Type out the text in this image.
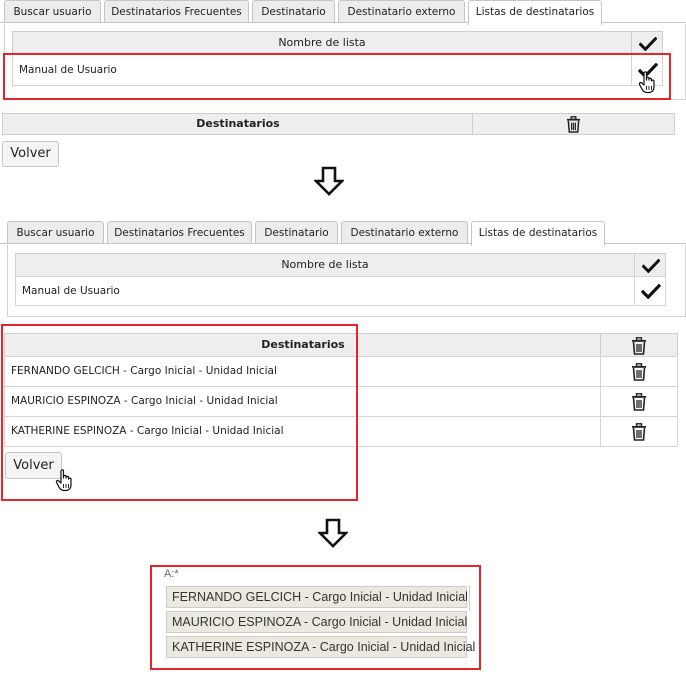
Buscar usuario	Destinatarios Frecuentes	Destinatario	Destinatario externo	Listas de destinatarios
Nombre de lista
Manual de Usuario
Destinatarios
Volver
Buscar usuario	Destinatarios Frecuentes	Destinatario	Destinatario externo	Listas de destinatarios
Nombre de lista
Manual de Usuario
Destinatarios
FERNANDO GELCICH - Cargo Inicial - Unidad Inicial
MAURICIO ESPINOZA - Cargo Inicial - Unidad Inicial
KATHERINE ESPINOZA - Cargo Inicial - Unidad Inicial
Volver
A:*
FERNANDO GELCICH - Cargo Inicial - Unidad Inicial
MAURICIO ESPINOZA - Cargo Inicial - Unidad Inicial
KATHERINE ESPINOZA - Cargo Inicial - Unidad Inicial
